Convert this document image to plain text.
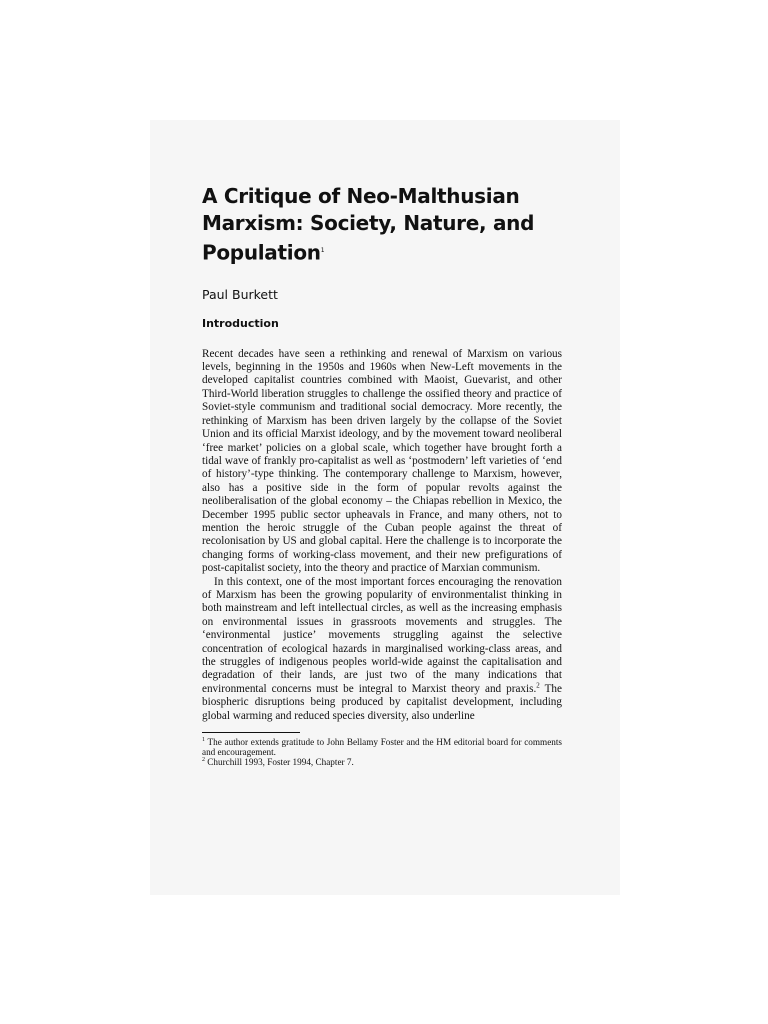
A Critique of Neo-Malthusian
Marxism: Society, Nature, and
Population$^1$
Paul Burkett
Introduction

Recent decades have seen a rethinking and renewal of Marxism on various levels, beginning in the 1950s and 1960s when New-Left movements in the developed capitalist countries combined with Maoist, Guevarist, and other Third-World liberation struggles to challenge the ossified theory and practice of Soviet-style communism and traditional social democracy. More recently, the rethinking of Marxism has been driven largely by the collapse of the Soviet Union and its official Marxist ideology, and by the movement toward neoliberal ‘free market’ policies on a global scale, which together have brought forth a tidal wave of frankly pro-capitalist as well as ‘postmodern’ left varieties of ‘end of history’-type thinking. The contemporary challenge to Marxism, however, also has a positive side in the form of popular revolts against the neoliberalisation of the global economy – the Chiapas rebellion in Mexico, the December 1995 public sector upheavals in France, and many others, not to mention the heroic struggle of the Cuban people against the threat of recolonisation by US and global capital. Here the challenge is to incorporate the changing forms of working-class movement, and their new prefigurations of post-capitalist society, into the theory and practice of Marxian communism.

In this context, one of the most important forces encouraging the renovation of Marxism has been the growing popularity of environmentalist thinking in both mainstream and left intellectual circles, as well as the increasing emphasis on environmental issues in grassroots movements and struggles. The ‘environmental justice’ movements struggling against the selective concentration of ecological hazards in marginalised working-class areas, and the struggles of indigenous peoples world-wide against the capitalisation and degradation of their lands, are just two of the many indications that environmental concerns must be integral to Marxist theory and praxis.$^2$ The biospheric disruptions being produced by capitalist development, including global warming and reduced species diversity, also underline

$^1$ The author extends gratitude to John Bellamy Foster and the HM editorial board for comments and encouragement.
$^2$ Churchill 1993, Foster 1994, Chapter 7.
